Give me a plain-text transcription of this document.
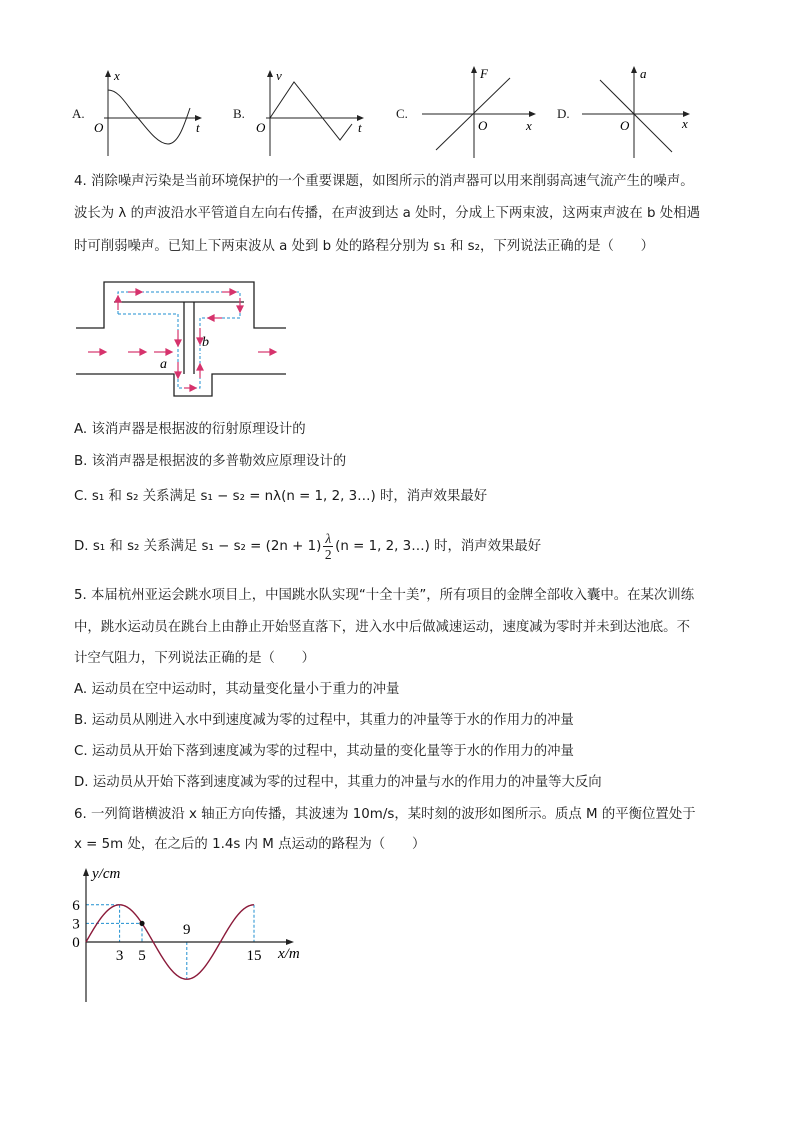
A.
x
t
O
B.
v
t
O
C.
F
x
O
D.
a
x
O
4. 消除噪声污染是当前环境保护的一个重要课题，如图所示的消声器可以用来削弱高速气流产生的噪声。
波长为 λ 的声波沿水平管道自左向右传播，在声波到达 a 处时，分成上下两束波，这两束声波在 b 处相遇
时可削弱噪声。已知上下两束波从 a 处到 b 处的路程分别为 s₁ 和 s₂，下列说法正确的是（　　）
a
b
A. 该消声器是根据波的衍射原理设计的
B. 该消声器是根据波的多普勒效应原理设计的
C. s₁ 和 s₂ 关系满足 s₁ − s₂ = nλ(n = 1, 2, 3…) 时，消声效果最好
D. s₁ 和 s₂ 关系满足 $s_1 - s_2 = (2n + 1) \frac{\lambda}{2} (n = 1$, 2, 3…) 时，消声效果最好
5. 本届杭州亚运会跳水项目上，中国跳水队实现“十全十美”，所有项目的金牌全部收入囊中。在某次训练
中，跳水运动员在跳台上由静止开始竖直落下，进入水中后做减速运动，速度减为零时并未到达池底。不
计空气阻力，下列说法正确的是（　　）
A. 运动员在空中运动时，其动量变化量小于重力的冲量
B. 运动员从刚进入水中到速度减为零的过程中，其重力的冲量等于水的作用力的冲量
C. 运动员从开始下落到速度减为零的过程中，其动量的变化量等于水的作用力的冲量
D. 运动员从开始下落到速度减为零的过程中，其重力的冲量与水的作用力的冲量等大反向
6. 一列简谐横波沿 x 轴正方向传播，其波速为 10m/s，某时刻的波形如图所示。质点 M 的平衡位置处于
x = 5m 处，在之后的 1.4s 内 M 点运动的路程为（　　）
y/cm
x/m
3 5
9
15
6
3
0
